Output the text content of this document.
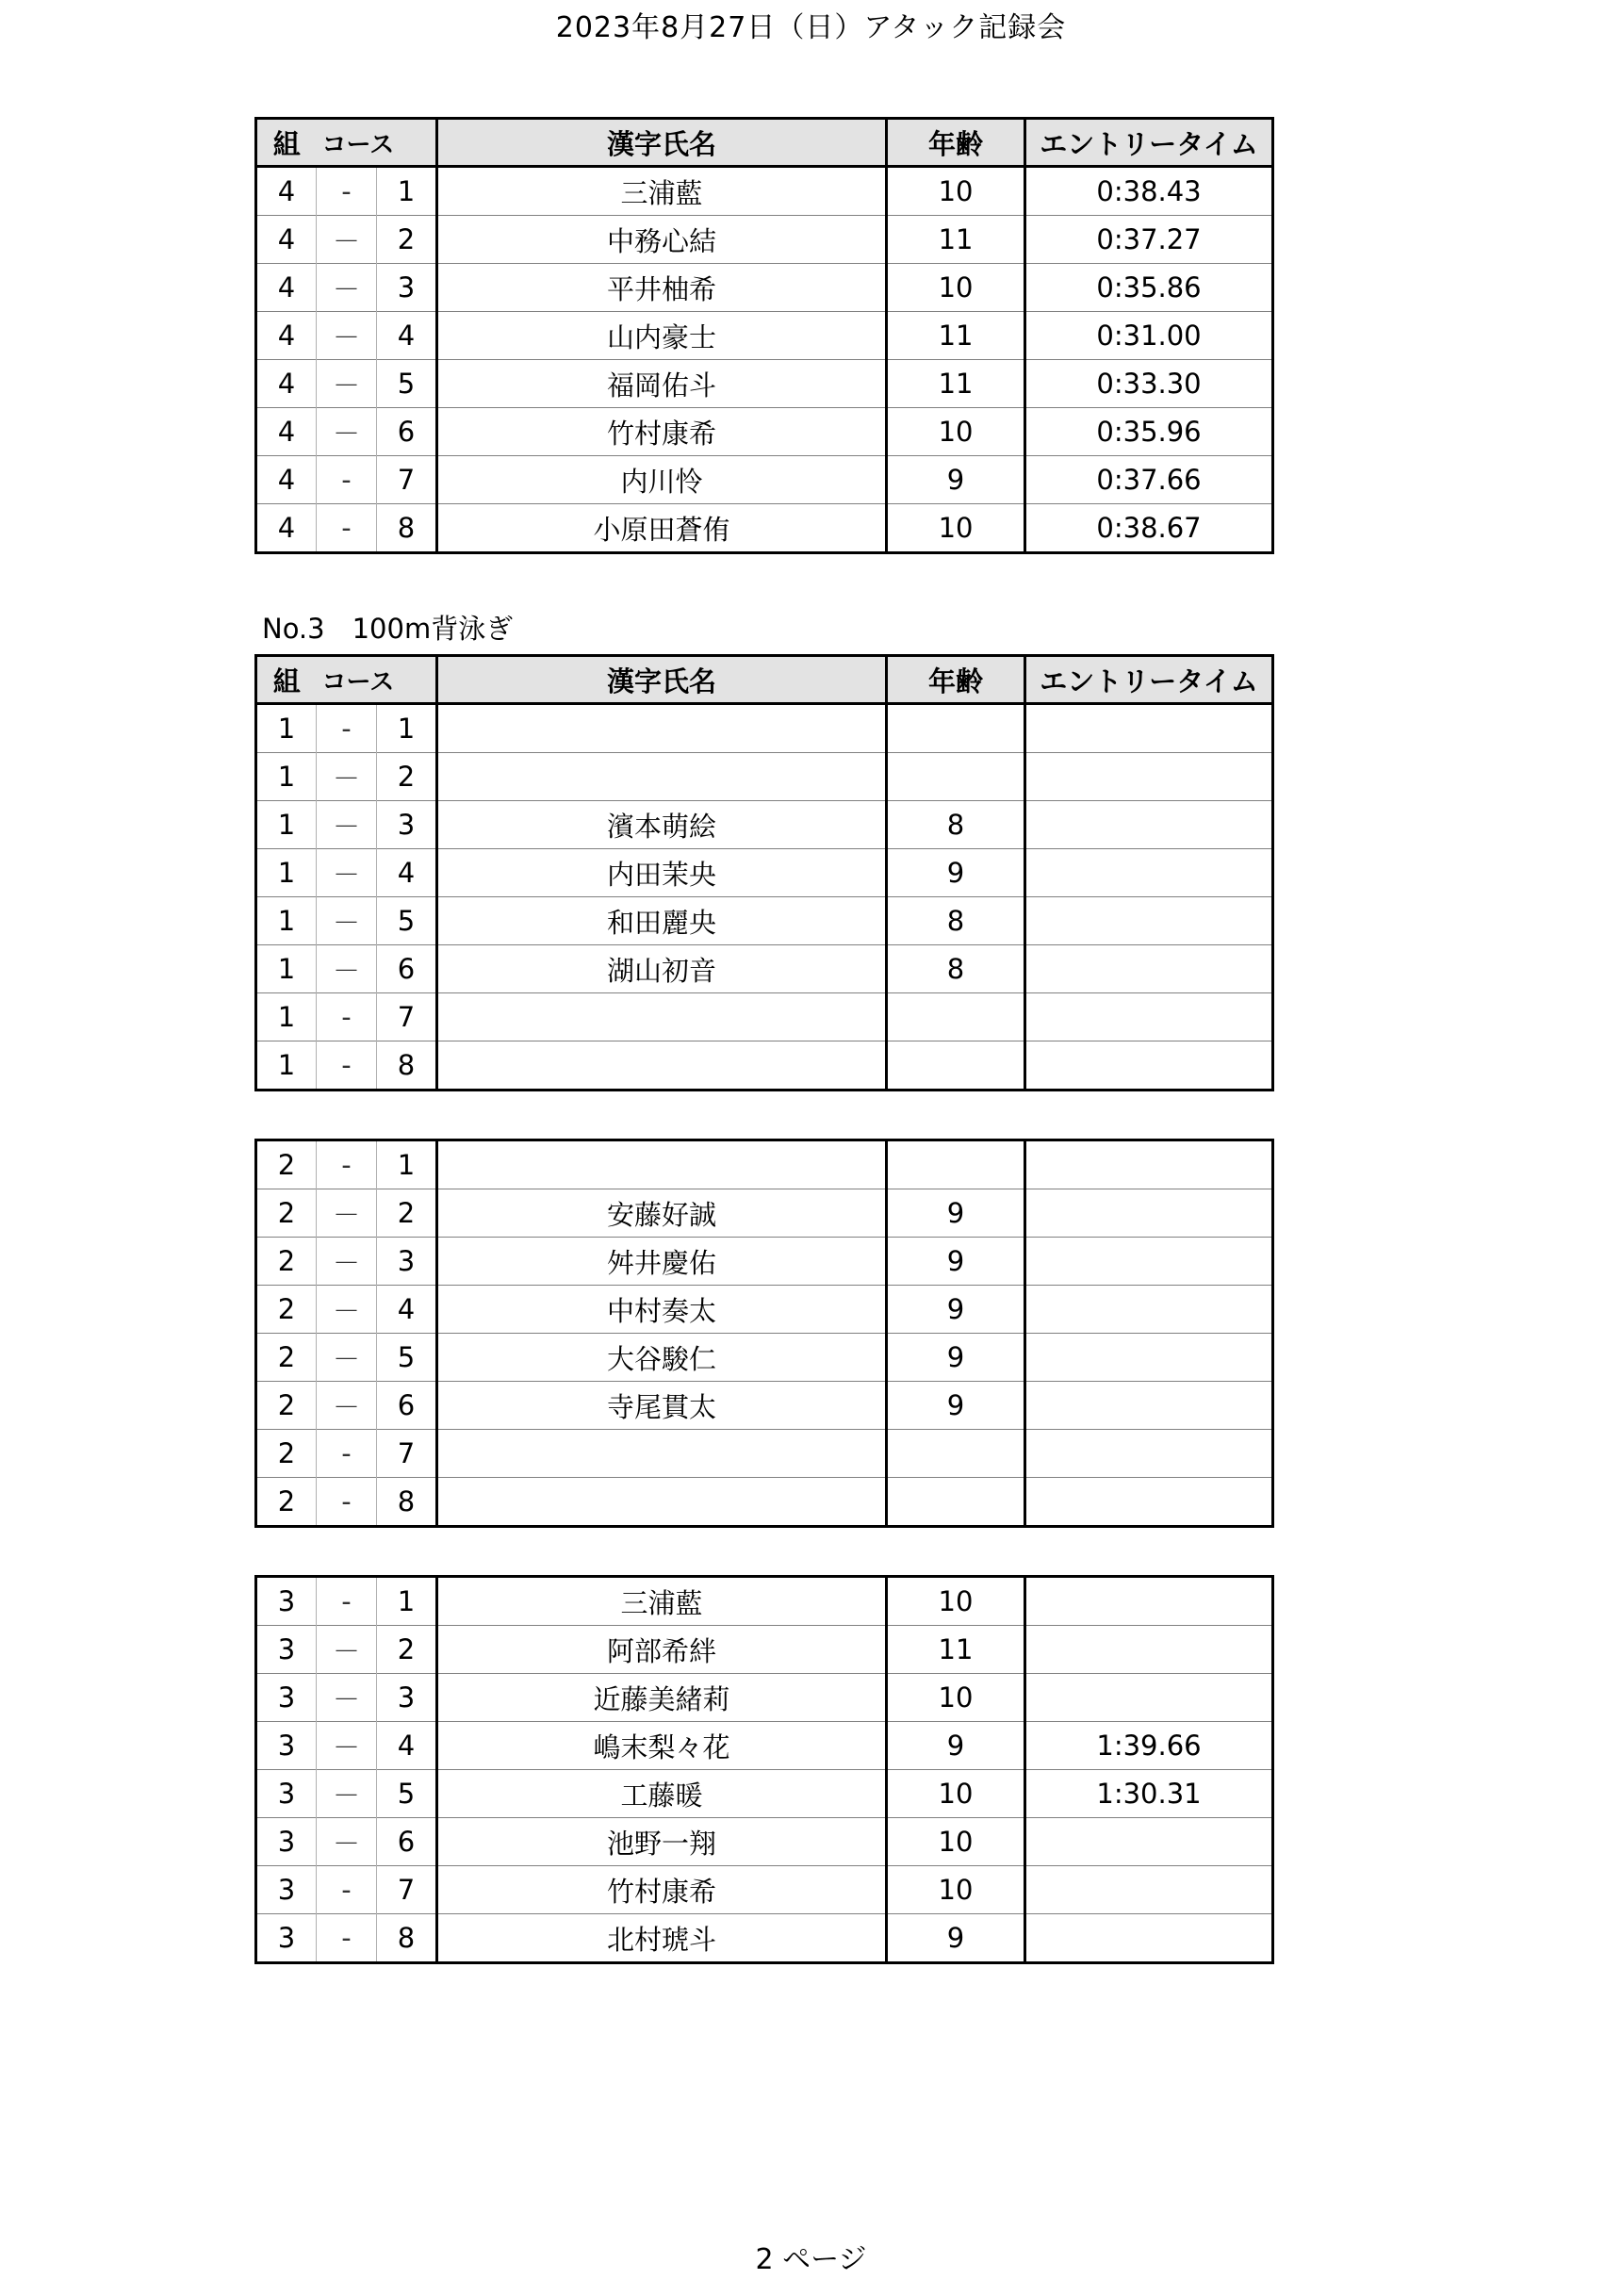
2023年8月27日（日）アタック記録会
組	コース		漢字氏名	年齢	エントリータイム
4	-	1	三浦藍	10	0:38.43
4	－	2	中務心結	11	0:37.27
4	－	3	平井柚希	10	0:35.86
4	－	4	山内豪士	11	0:31.00
4	－	5	福岡佑斗	11	0:33.30
4	－	6	竹村康希	10	0:35.96
4	-	7	内川怜	9	0:37.66
4	-	8	小原田蒼侑	10	0:38.67
No.3　100m背泳ぎ
組	コース		漢字氏名	年齢	エントリータイム
1	-	1			
1	－	2			
1	－	3	濱本萌絵	8	
1	－	4	内田茉央	9	
1	－	5	和田麗央	8	
1	－	6	湖山初音	8	
1	-	7			
1	-	8			
2	-	1			
2	－	2	安藤好誠	9	
2	－	3	舛井慶佑	9	
2	－	4	中村奏太	9	
2	－	5	大谷駿仁	9	
2	－	6	寺尾貫太	9	
2	-	7			
2	-	8			
3	-	1	三浦藍	10	
3	－	2	阿部希絆	11	
3	－	3	近藤美緒莉	10	
3	－	4	嶋末梨々花	9	1:39.66
3	－	5	工藤暖	10	1:30.31
3	－	6	池野一翔	10	
3	-	7	竹村康希	10	
3	-	8	北村琥斗	9	
2 ページ
